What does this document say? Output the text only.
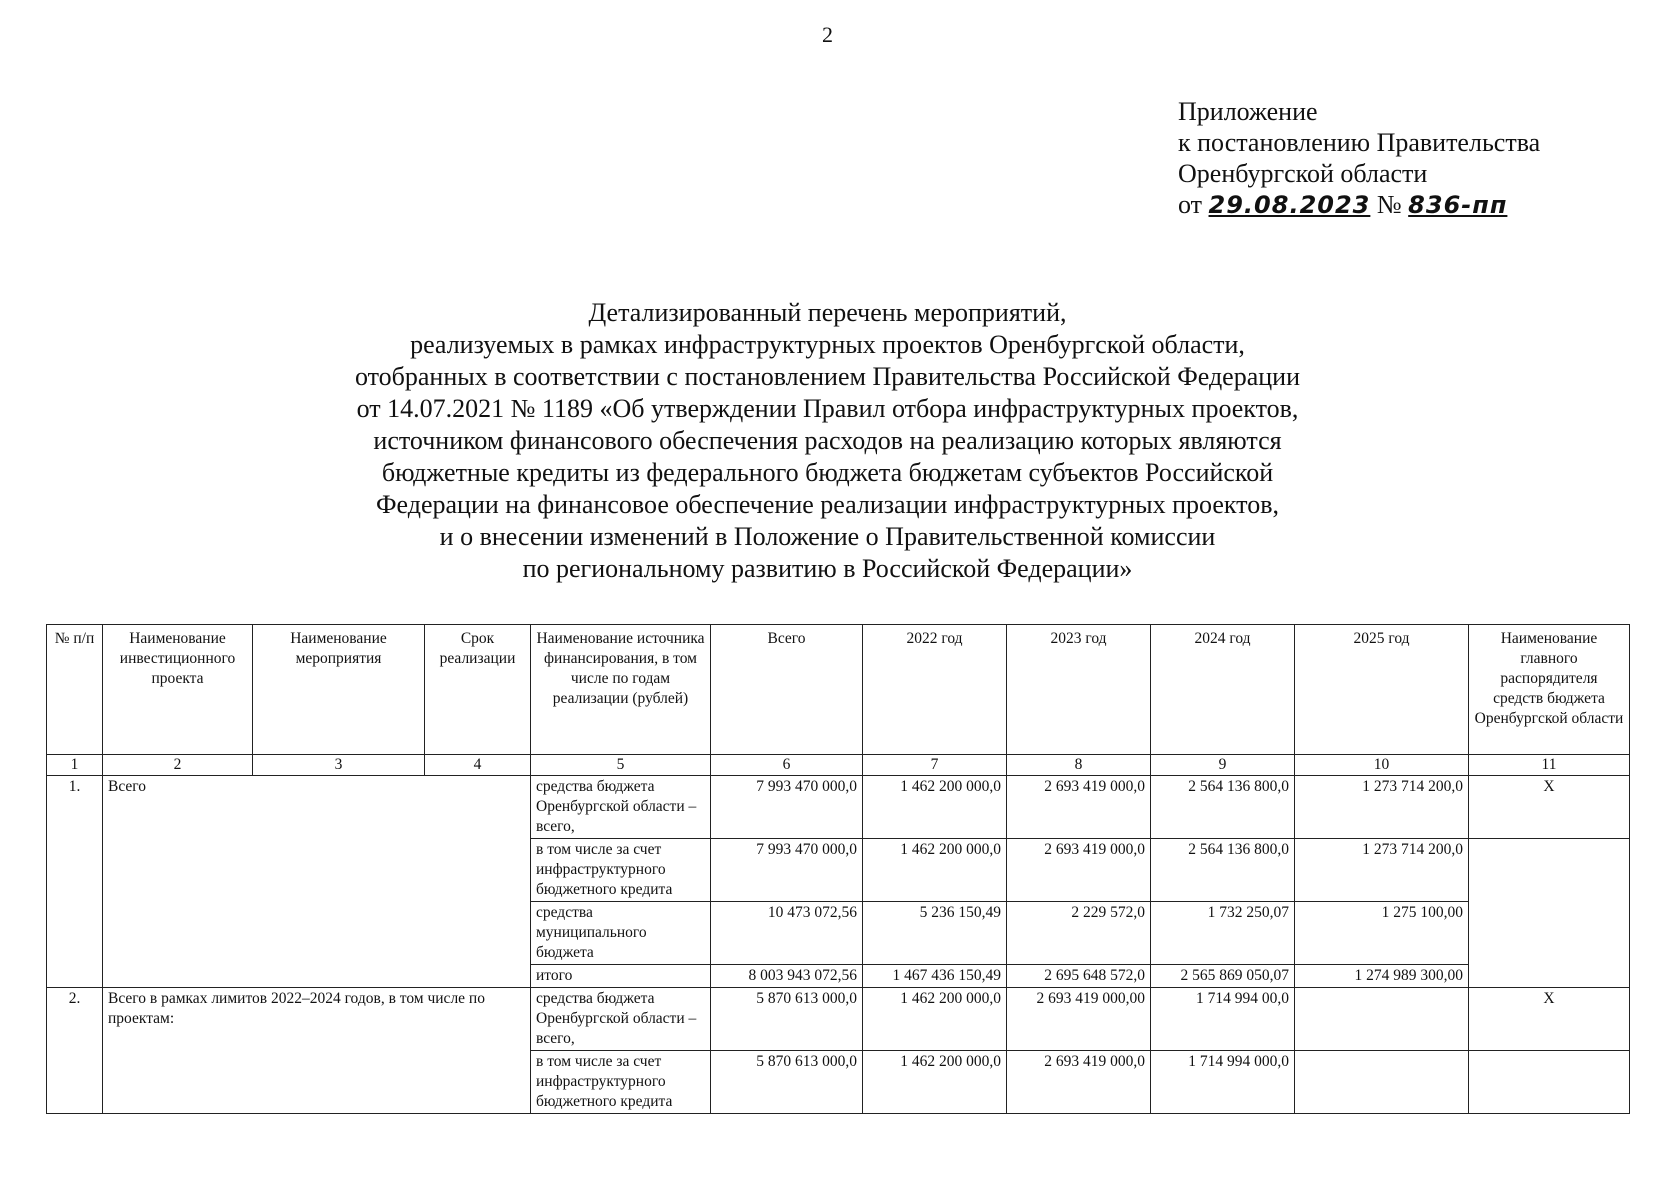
2
Приложение
к постановлению Правительства
Оренбургской области
от 29.08.2023 № 836-пп
Детализированный перечень мероприятий,
реализуемых в рамках инфраструктурных проектов Оренбургской области,
отобранных в соответствии с постановлением Правительства Российской Федерации
от 14.07.2021 № 1189 «Об утверждении Правил отбора инфраструктурных проектов,
источником финансового обеспечения расходов на реализацию которых являются
бюджетные кредиты из федерального бюджета бюджетам субъектов Российской
Федерации на финансовое обеспечение реализации инфраструктурных проектов,
и о внесении изменений в Положение о Правительственной комиссии
по региональному развитию в Российской Федерации»
№ п/п	Наименование инвестиционного проекта	Наименование мероприятия	Срок реализации	Наименование источника финансирования, в том числе по годам реализации (рублей)	Всего	2022 год	2023 год	2024 год	2025 год	Наименование главного распорядителя средств бюджета Оренбургской области
1	2	3	4	5	6	7	8	9	10	11
1.	Всего			средства бюджета Оренбургской области – всего,	7 993 470 000,0	1 462 200 000,0	2 693 419 000,0	2 564 136 800,0	1 273 714 200,0	X
				в том числе за счет инфраструктурного бюджетного кредита	7 993 470 000,0	1 462 200 000,0	2 693 419 000,0	2 564 136 800,0	1 273 714 200,0	
				средства муниципального бюджета	10 473 072,56	5 236 150,49	2 229 572,0	1 732 250,07	1 275 100,00	
				итого	8 003 943 072,56	1 467 436 150,49	2 695 648 572,0	2 565 869 050,07	1 274 989 300,00	
2.	Всего в рамках лимитов 2022–2024 годов, в том числе по проектам:			средства бюджета Оренбургской области – всего,	5 870 613 000,0	1 462 200 000,0	2 693 419 000,00	1 714 994 00,0		X
				в том числе за счет инфраструктурного бюджетного кредита	5 870 613 000,0	1 462 200 000,0	2 693 419 000,0	1 714 994 000,0		
